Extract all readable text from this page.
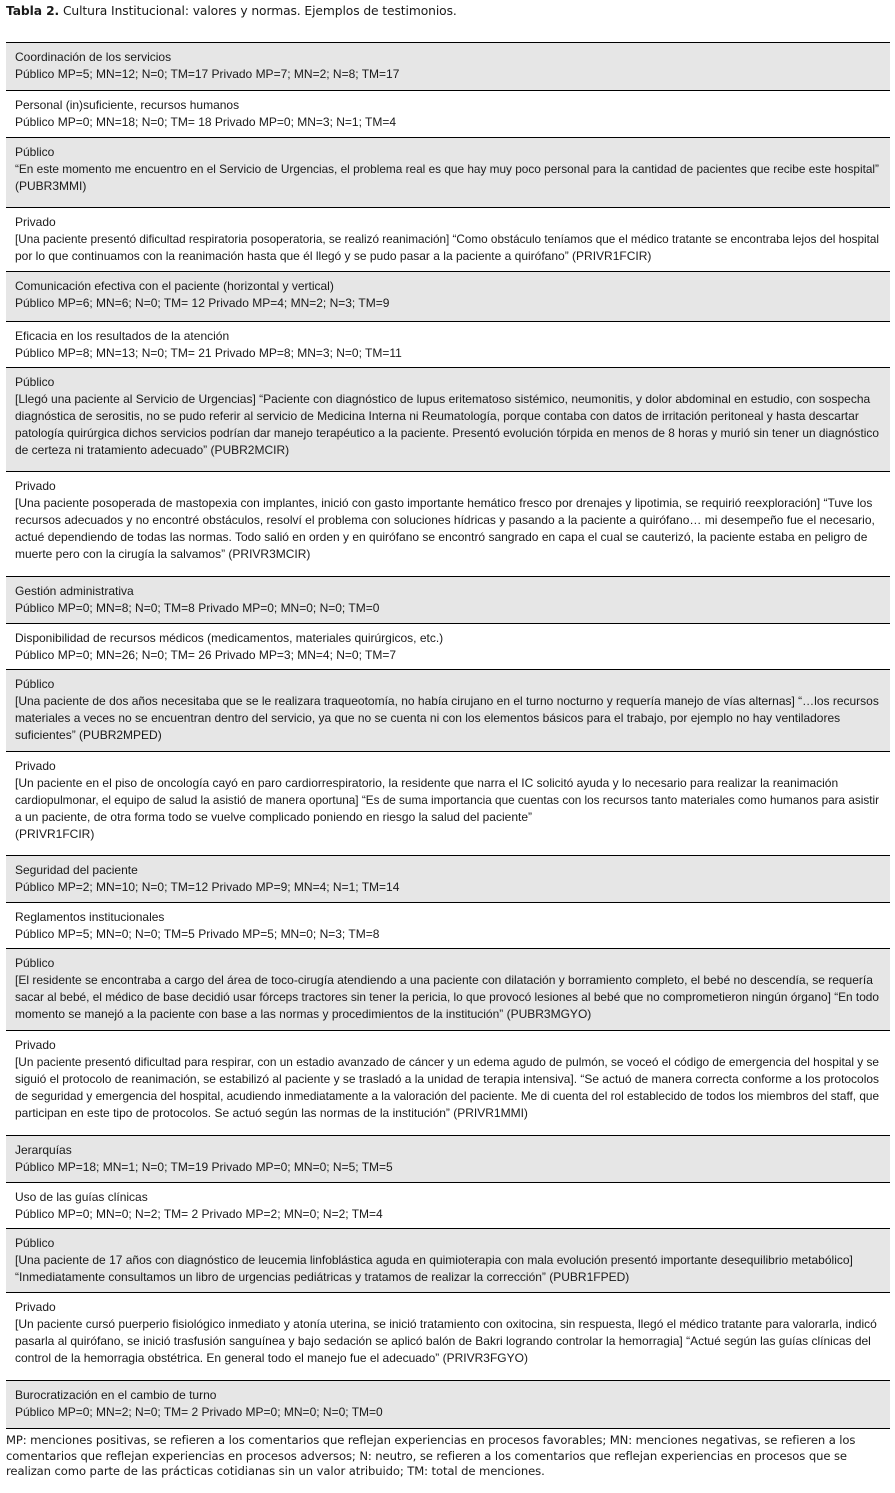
Tabla 2. Cultura Institucional: valores y normas. Ejemplos de testimonios.
Coordinación de los servicios
Público MP=5; MN=12; N=0; TM=17 Privado MP=7; MN=2; N=8; TM=17
Personal (in)suficiente, recursos humanos
Público MP=0; MN=18; N=0; TM= 18 Privado MP=0; MN=3; N=1; TM=4
Público
“En este momento me encuentro en el Servicio de Urgencias, el problema real es que hay muy poco personal para la cantidad de pacientes que recibe este hospital”
(PUBR3MMI)
Privado
[Una paciente presentó dificultad respiratoria posoperatoria, se realizó reanimación] “Como obstáculo teníamos que el médico tratante se encontraba lejos del hospital
por lo que continuamos con la reanimación hasta que él llegó y se pudo pasar a la paciente a quirófano” (PRIVR1FCIR)
Comunicación efectiva con el paciente (horizontal y vertical)
Público MP=6; MN=6; N=0; TM= 12 Privado MP=4; MN=2; N=3; TM=9
Eficacia en los resultados de la atención
Público MP=8; MN=13; N=0; TM= 21 Privado MP=8; MN=3; N=0; TM=11
Público
[Llegó una paciente al Servicio de Urgencias] “Paciente con diagnóstico de lupus eritematoso sistémico, neumonitis, y dolor abdominal en estudio, con sospecha
diagnóstica de serositis, no se pudo referir al servicio de Medicina Interna ni Reumatología, porque contaba con datos de irritación peritoneal y hasta descartar
patología quirúrgica dichos servicios podrían dar manejo terapéutico a la paciente. Presentó evolución tórpida en menos de 8 horas y murió sin tener un diagnóstico
de certeza ni tratamiento adecuado” (PUBR2MCIR)
Privado
[Una paciente posoperada de mastopexia con implantes, inició con gasto importante hemático fresco por drenajes y lipotimia, se requirió reexploración] “Tuve los
recursos adecuados y no encontré obstáculos, resolví el problema con soluciones hídricas y pasando a la paciente a quirófano… mi desempeño fue el necesario,
actué dependiendo de todas las normas. Todo salió en orden y en quirófano se encontró sangrado en capa el cual se cauterizó, la paciente estaba en peligro de
muerte pero con la cirugía la salvamos” (PRIVR3MCIR)
Gestión administrativa
Público MP=0; MN=8; N=0; TM=8 Privado MP=0; MN=0; N=0; TM=0
Disponibilidad de recursos médicos (medicamentos, materiales quirúrgicos, etc.)
Público MP=0; MN=26; N=0; TM= 26 Privado MP=3; MN=4; N=0; TM=7
Público
[Una paciente de dos años necesitaba que se le realizara traqueotomía, no había cirujano en el turno nocturno y requería manejo de vías alternas] “…los recursos
materiales a veces no se encuentran dentro del servicio, ya que no se cuenta ni con los elementos básicos para el trabajo, por ejemplo no hay ventiladores
suficientes” (PUBR2MPED)
Privado
[Un paciente en el piso de oncología cayó en paro cardiorrespiratorio, la residente que narra el IC solicitó ayuda y lo necesario para realizar la reanimación
cardiopulmonar, el equipo de salud la asistió de manera oportuna] “Es de suma importancia que cuentas con los recursos tanto materiales como humanos para asistir
a un paciente, de otra forma todo se vuelve complicado poniendo en riesgo la salud del paciente”
(PRIVR1FCIR)
Seguridad del paciente
Público MP=2; MN=10; N=0; TM=12 Privado MP=9; MN=4; N=1; TM=14
Reglamentos institucionales
Público MP=5; MN=0; N=0; TM=5 Privado MP=5; MN=0; N=3; TM=8
Público
[El residente se encontraba a cargo del área de toco-cirugía atendiendo a una paciente con dilatación y borramiento completo, el bebé no descendía, se requería
sacar al bebé, el médico de base decidió usar fórceps tractores sin tener la pericia, lo que provocó lesiones al bebé que no comprometieron ningún órgano] “En todo
momento se manejó a la paciente con base a las normas y procedimientos de la institución” (PUBR3MGYO)
Privado
[Un paciente presentó dificultad para respirar, con un estadio avanzado de cáncer y un edema agudo de pulmón, se voceó el código de emergencia del hospital y se
siguió el protocolo de reanimación, se estabilizó al paciente y se trasladó a la unidad de terapia intensiva]. “Se actuó de manera correcta conforme a los protocolos
de seguridad y emergencia del hospital, acudiendo inmediatamente a la valoración del paciente. Me di cuenta del rol establecido de todos los miembros del staff, que
participan en este tipo de protocolos. Se actuó según las normas de la institución” (PRIVR1MMI)
Jerarquías
Público MP=18; MN=1; N=0; TM=19 Privado MP=0; MN=0; N=5; TM=5
Uso de las guías clínicas
Público MP=0; MN=0; N=2; TM= 2 Privado MP=2; MN=0; N=2; TM=4
Público
[Una paciente de 17 años con diagnóstico de leucemia linfoblástica aguda en quimioterapia con mala evolución presentó importante desequilibrio metabólico]
“Inmediatamente consultamos un libro de urgencias pediátricas y tratamos de realizar la corrección” (PUBR1FPED)
Privado
[Un paciente cursó puerperio fisiológico inmediato y atonía uterina, se inició tratamiento con oxitocina, sin respuesta, llegó el médico tratante para valorarla, indicó
pasarla al quirófano, se inició trasfusión sanguínea y bajo sedación se aplicó balón de Bakri logrando controlar la hemorragia] “Actué según las guías clínicas del
control de la hemorragia obstétrica. En general todo el manejo fue el adecuado” (PRIVR3FGYO)
Burocratización en el cambio de turno
Público MP=0; MN=2; N=0; TM= 2 Privado MP=0; MN=0; N=0; TM=0
MP: menciones positivas, se refieren a los comentarios que reflejan experiencias en procesos favorables; MN: menciones negativas, se refieren a los comentarios que reflejan experiencias en procesos adversos; N: neutro, se refieren a los comentarios que reflejan experiencias en procesos que se realizan como parte de las prácticas cotidianas sin un valor atribuido; TM: total de menciones.
